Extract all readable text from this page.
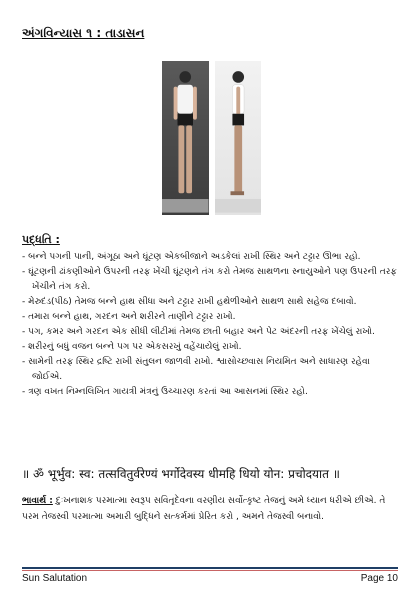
અંગવિન્યાસ ૧ : તાડાસન
પદ્ધતિ :
- બન્ને પગની પાની, અંગૂઠા અને ઘૂંટણ એકબીજાને અડકેલાં રાખી સ્થિર અને ટટ્ટાર ઊભા રહો.
- ઘૂંટણની ઢાંકણીઓને ઉપરની તરફ ખેંચી ઘૂંટણને તંગ કરો તેમજ સાથળના સ્નાયુઓને પણ ઉપરની તરફ ખેંચીને તંગ કરો.
- મેરુદંડ(પીઠ) તેમજ બન્ને હાથ સીધા અને ટટ્ટાર રાખી હથેળીઓને સાથળ સાથે સહેજ દબાવો.
- તમારા બન્ને હાથ, ગરદન અને શરીરને તાણીને ટટ્ટાર રાખો.
- પગ, કમર અને ગરદન એક સીધી લીટીમાં તેમજ છાતી બહાર અને પેટ અંદરની તરફ ખેંચેલું રાખો.
- શરીરનું બધું વજન બન્ને પગ પર એકસરખું વહેંચાયેલું રાખો.
- સામેની તરફ સ્થિર દ્રષ્ટિ રાખી સંતુલન જાળવી રાખો. શ્વાસોચ્છ્વાસ નિયમિત અને સાધારણ રહેવા જોઈએ.
- ત્રણ વખત નિમ્નલિખિત ગાયત્રી મંત્રનું ઉચ્ચારણ કરતાં આ આસનમાં સ્થિર રહો.
॥ ॐ भूर्भुव: स्व: तत्सवितुर्वरेण्यं भर्गोदेवस्य धीमहि धियो योन: प्रचोदयात ॥
ભાવાર્થ : દુઃખનાશક પરમાત્મા સ્વરૂપ સવિતૃદેવના વરણીય સર્વોત્કૃષ્ટ તેજનું અમે ધ્યાન ધરીએ છીએ. તે પરમ તેજસ્વી પરમાત્મા અમારી બુદ્ધિને સત્કર્મમાં પ્રેરિત કરો , અમને તેજસ્વી બનાવો.
Sun Salutation	Page 10
